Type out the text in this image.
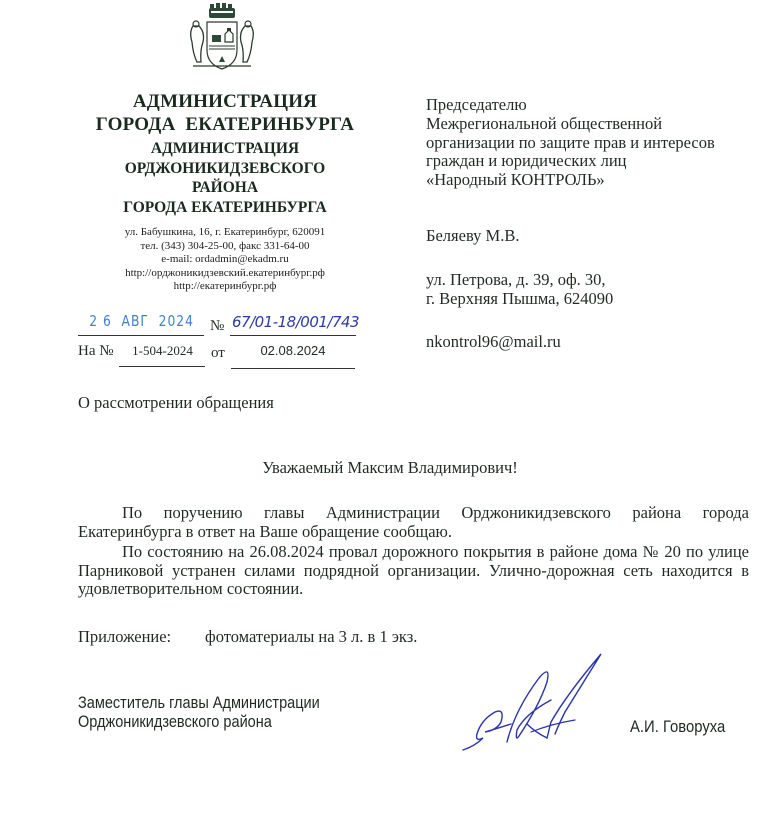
АДМИНИСТРАЦИЯ
ГОРОДА  ЕКАТЕРИНБУРГА
АДМИНИСТРАЦИЯ
ОРДЖОНИКИДЗЕВСКОГО
РАЙОНА
ГОРОДА ЕКАТЕРИНБУРГА
ул. Бабушкина, 16, г. Екатеринбург, 620091
тел. (343) 304-25-00, факс 331-64-00
e-mail: ordadmin@ekadm.ru
http://орджоникидзевский.екатеринбург.рф
http://екатеринбург.рф
2 6  АВГ  2024 № 67/01-18/001/743
На №	1-504-2024	от	02.08.2024
Председателю
Межрегиональной общественной
организации по защите прав и интересов
граждан и юридических лиц
«Народный КОНТРОЛЬ»
Беляеву М.В.
ул. Петрова, д. 39, оф. 30,
г. Верхняя Пышма, 624090
nkontrol96@mail.ru
О рассмотрении обращения
Уважаемый Максим Владимирович!
По поручению главы Администрации Орджоникидзевского района города Екатеринбурга в ответ на Ваше обращение сообщаю.
По состоянию на 26.08.2024 провал дорожного покрытия в районе дома № 20 по улице Парниковой устранен силами подрядной организации. Улично-дорожная сеть находится в удовлетворительном состоянии.
Приложение: фотоматериалы на 3 л. в 1 экз.
Заместитель главы Администрации
Орджоникидзевского района	А.И. Говоруха
